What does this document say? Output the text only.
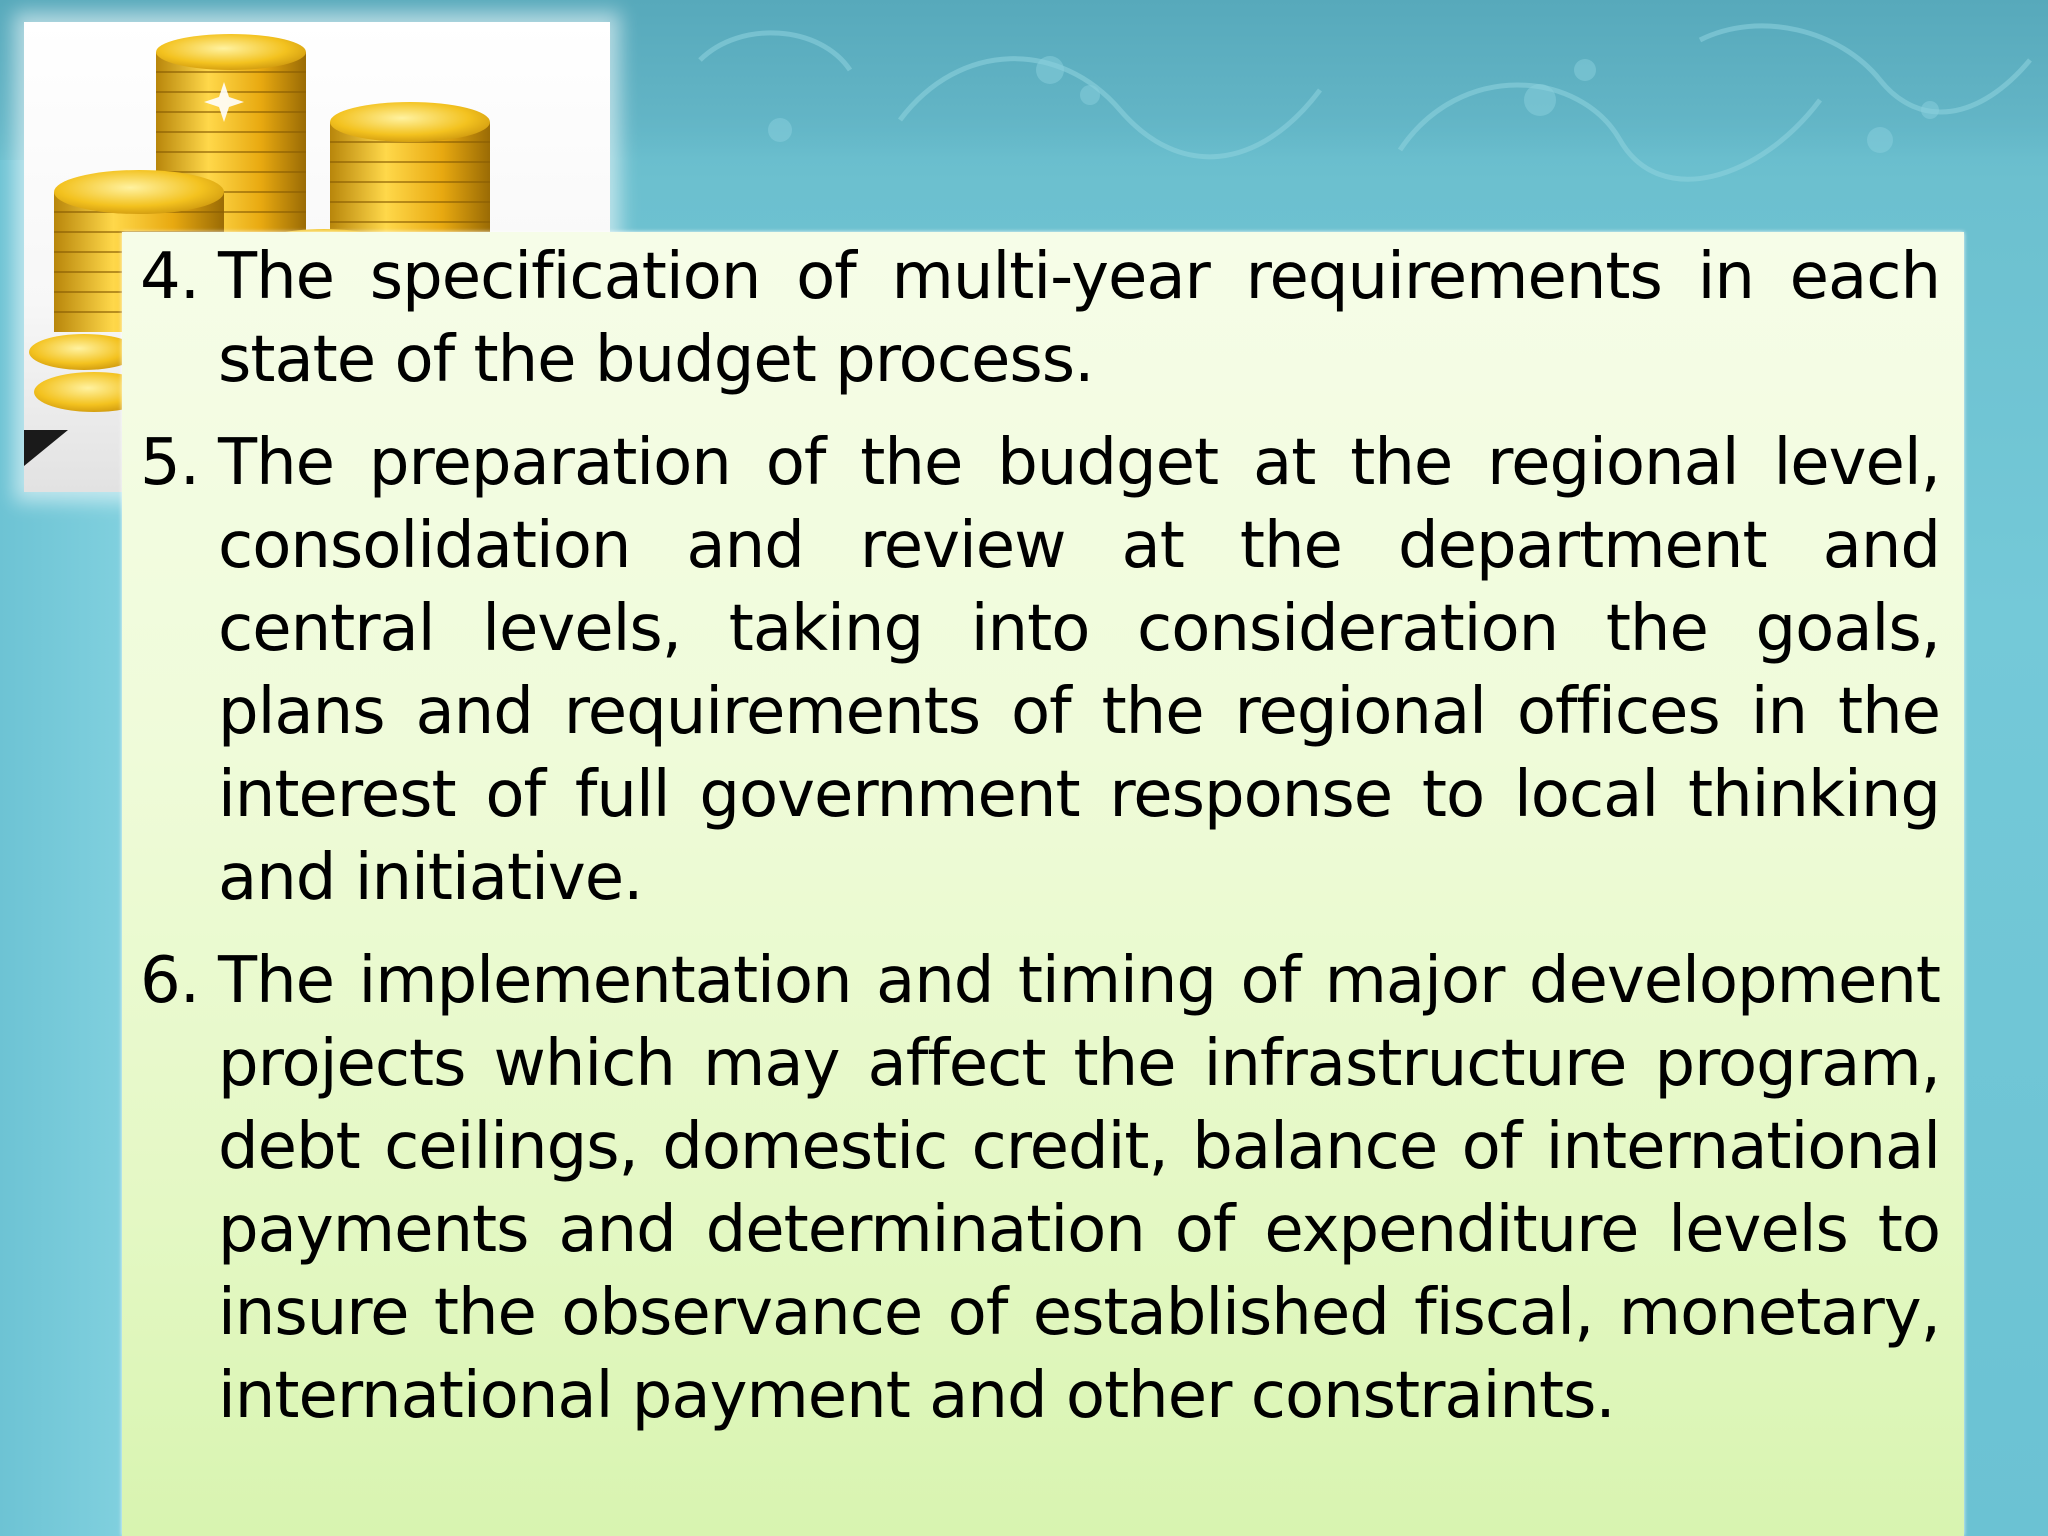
4. The specification of multi-year requirements in each state of the budget process.
5. The preparation of the budget at the regional level, consolidation and review at the department and central levels, taking into consideration the goals, plans and requirements of the regional offices in the interest of full government response to local thinking and initiative.
6. The implementation and timing of major development projects which may affect the infrastructure program, debt ceilings, domestic credit, balance of international payments and determination of expenditure levels to insure the observance of established fiscal, monetary, international payment and other constraints.
